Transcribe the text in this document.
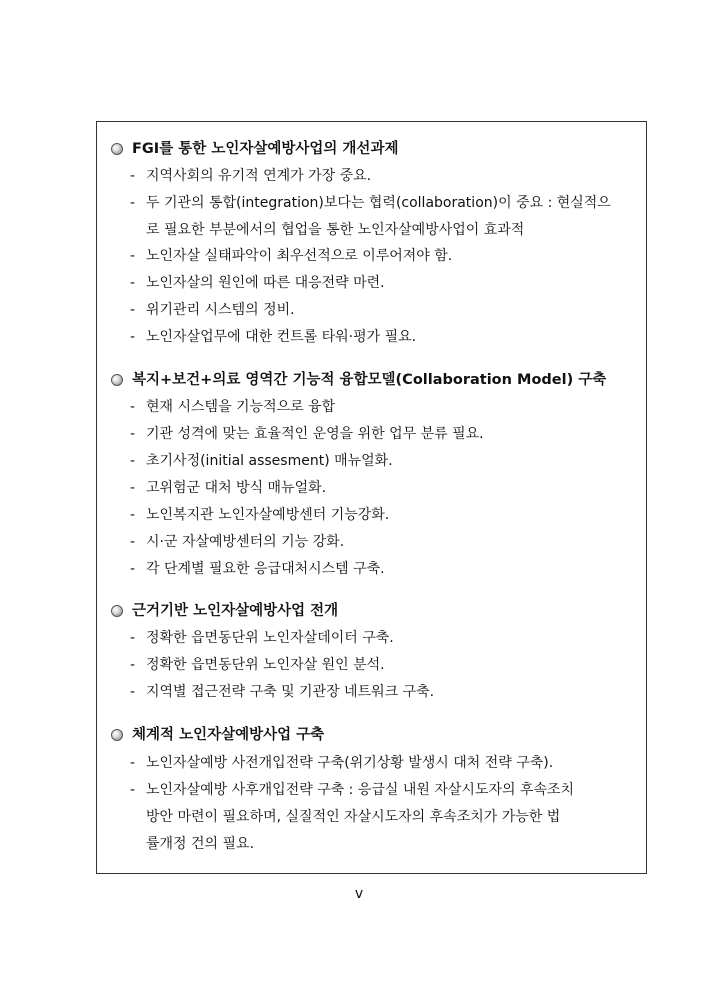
FGI를 통한 노인자살예방사업의 개선과제
- 지역사회의 유기적 연계가 가장 중요.
- 두 기관의 통합(integration)보다는 협력(collaboration)이 중요 : 현실적으
로 필요한 부분에서의 협업을 통한 노인자살예방사업이 효과적
- 노인자살 실태파악이 최우선적으로 이루어져야 함.
- 노인자살의 원인에 따른 대응전략 마련.
- 위기관리 시스템의 정비.
- 노인자살업무에 대한 컨트롤 타워·평가 필요.
복지+보건+의료 영역간 기능적 융합모델(Collaboration Model) 구축
- 현재 시스템을 기능적으로 융합
- 기관 성격에 맞는 효율적인 운영을 위한 업무 분류 필요.
- 초기사정(initial assesment) 매뉴얼화.
- 고위험군 대처 방식 매뉴얼화.
- 노인복지관 노인자살예방센터 기능강화.
- 시·군 자살예방센터의 기능 강화.
- 각 단계별 필요한 응급대처시스템 구축.
근거기반 노인자살예방사업 전개
- 정확한 읍면동단위 노인자살데이터 구축.
- 정확한 읍면동단위 노인자살 원인 분석.
- 지역별 접근전략 구축 및 기관장 네트워크 구축.
체계적 노인자살예방사업 구축
- 노인자살예방 사전개입전략 구축(위기상황 발생시 대처 전략 구축).
- 노인자살예방 사후개입전략 구축 : 응급실 내원 자살시도자의 후속조치
방안 마련이 필요하며, 실질적인 자살시도자의 후속조치가 가능한 법
률개정 건의 필요.
v
